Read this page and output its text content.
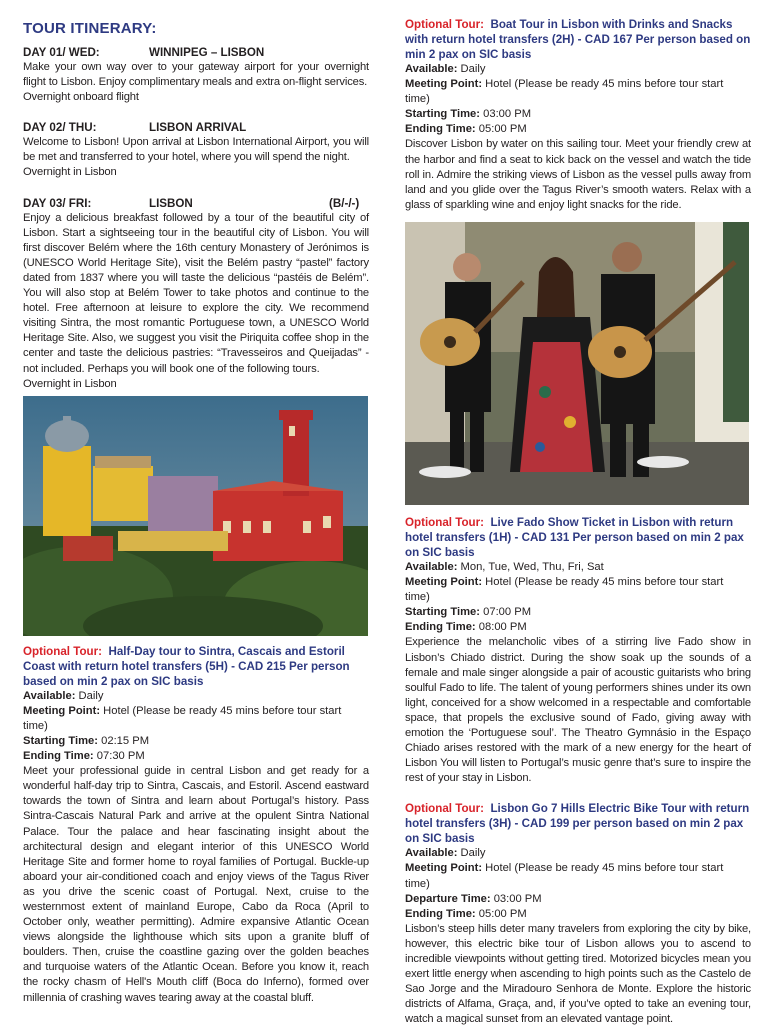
TOUR ITINERARY:
DAY 01/ WED:	WINNIPEG – LISBON
Make your own way over to your gateway airport for your overnight flight to Lisbon. Enjoy complimentary meals and extra on-flight services.
Overnight onboard flight
DAY 02/ THU:	LISBON ARRIVAL
Welcome to Lisbon! Upon arrival at Lisbon International Airport, you will be met and transferred to your hotel, where you will spend the night.
Overnight in Lisbon
DAY 03/ FRI:	LISBON	(B/-/-)
Enjoy a delicious breakfast followed by a tour of the beautiful city of Lisbon. Start a sightseeing tour in the beautiful city of Lisbon. You will first discover Belém where the 16th century Monastery of Jerónimos is (UNESCO World Heritage Site), visit the Belém pastry “pastel” factory dated from 1837 where you will taste the delicious “pastéis de Belém”. You will also stop at Belém Tower to take photos and continue to the hotel. Free afternoon at leisure to explore the city. We recommend visiting Sintra, the most romantic Portuguese town, a UNESCO World Heritage Site. Also, we suggest you visit the Piriquita coffee shop in the center and taste the delicious pastries: “Travesseiros and Queijadas” - not included. Perhaps you will book one of the following tours.
Overnight in Lisbon
Optional Tour: Half-Day tour to Sintra, Cascais and Estoril Coast with return hotel transfers (5H) - CAD 215 Per person based on min 2 pax on SIC basis
Available: Daily
Meeting Point: Hotel (Please be ready 45 mins before tour start time)
Starting Time: 02:15 PM
Ending Time: 07:30 PM
Meet your professional guide in central Lisbon and get ready for a wonderful half-day trip to Sintra, Cascais, and Estoril. Ascend eastward towards the town of Sintra and learn about Portugal’s history. Pass Sintra-Cascais Natural Park and arrive at the opulent Sintra National Palace. Tour the palace and hear fascinating insight about the architectural design and elegant interior of this UNESCO World Heritage Site and former home to royal families of Portugal. Buckle-up aboard your air-conditioned coach and enjoy views of the Tagus River as you drive the scenic coast of Portugal. Next, cruise to the westernmost extent of mainland Europe, Cabo da Roca (April to October only, weather permitting). Admire expansive Atlantic Ocean views alongside the lighthouse which sits upon a granite bluff of boulders. Then, cruise the coastline gazing over the golden beaches and turquoise waters of the Atlantic Ocean. Before you know it, reach the rocky chasm of Hell's Mouth cliff (Boca do Inferno), formed over millennia of crashing waves tearing away at the coastal bluff.
Optional Tour: Boat Tour in Lisbon with Drinks and Snacks with return hotel transfers (2H) - CAD 167 Per person based on min 2 pax on SIC basis
Available: Daily
Meeting Point: Hotel (Please be ready 45 mins before tour start time)
Starting Time: 03:00 PM
Ending Time: 05:00 PM
Discover Lisbon by water on this sailing tour. Meet your friendly crew at the harbor and find a seat to kick back on the vessel and watch the tide roll in. Admire the striking views of Lisbon as the vessel pulls away from land and you glide over the Tagus River’s smooth waters. Relax with a glass of sparkling wine and enjoy light snacks for the ride.
Optional Tour: Live Fado Show Ticket in Lisbon with return hotel transfers (1H) - CAD 131 Per person based on min 2 pax on SIC basis
Available: Mon, Tue, Wed, Thu, Fri, Sat
Meeting Point: Hotel (Please be ready 45 mins before tour start time)
Starting Time: 07:00 PM
Ending Time: 08:00 PM
Experience the melancholic vibes of a stirring live Fado show in Lisbon’s Chiado district. During the show soak up the sounds of a female and male singer alongside a pair of acoustic guitarists who bring soulful Fado to life. The talent of young performers shines under its own light, conceived for a show welcomed in a respectable and comfortable space, that propels the exclusive sound of Fado, giving away with emotion the ‘Portuguese soul’. The Theatro Gymnásio in the Espaço Chiado arises restored with the mark of a new energy for the heart of Lisbon You will listen to Portugal’s music genre that’s sure to inspire the rest of your stay in Lisbon.
Optional Tour: Lisbon Go 7 Hills Electric Bike Tour with return hotel transfers (3H) - CAD 199 per person based on min 2 pax on SIC basis
Available: Daily
Meeting Point: Hotel (Please be ready 45 mins before tour start time)
Departure Time: 03:00 PM
Ending Time: 05:00 PM
Lisbon’s steep hills deter many travelers from exploring the city by bike, however, this electric bike tour of Lisbon allows you to ascend to incredible viewpoints without getting tired. Motorized bicycles mean you exert little energy when ascending to high points such as the Castelo de Sao Jorge and the Miradouro Senhora de Monte. Explore the historic districts of Alfama, Graça, and, if you’ve opted to take an evening tour, watch a magical sunset from an elevated vantage point.
